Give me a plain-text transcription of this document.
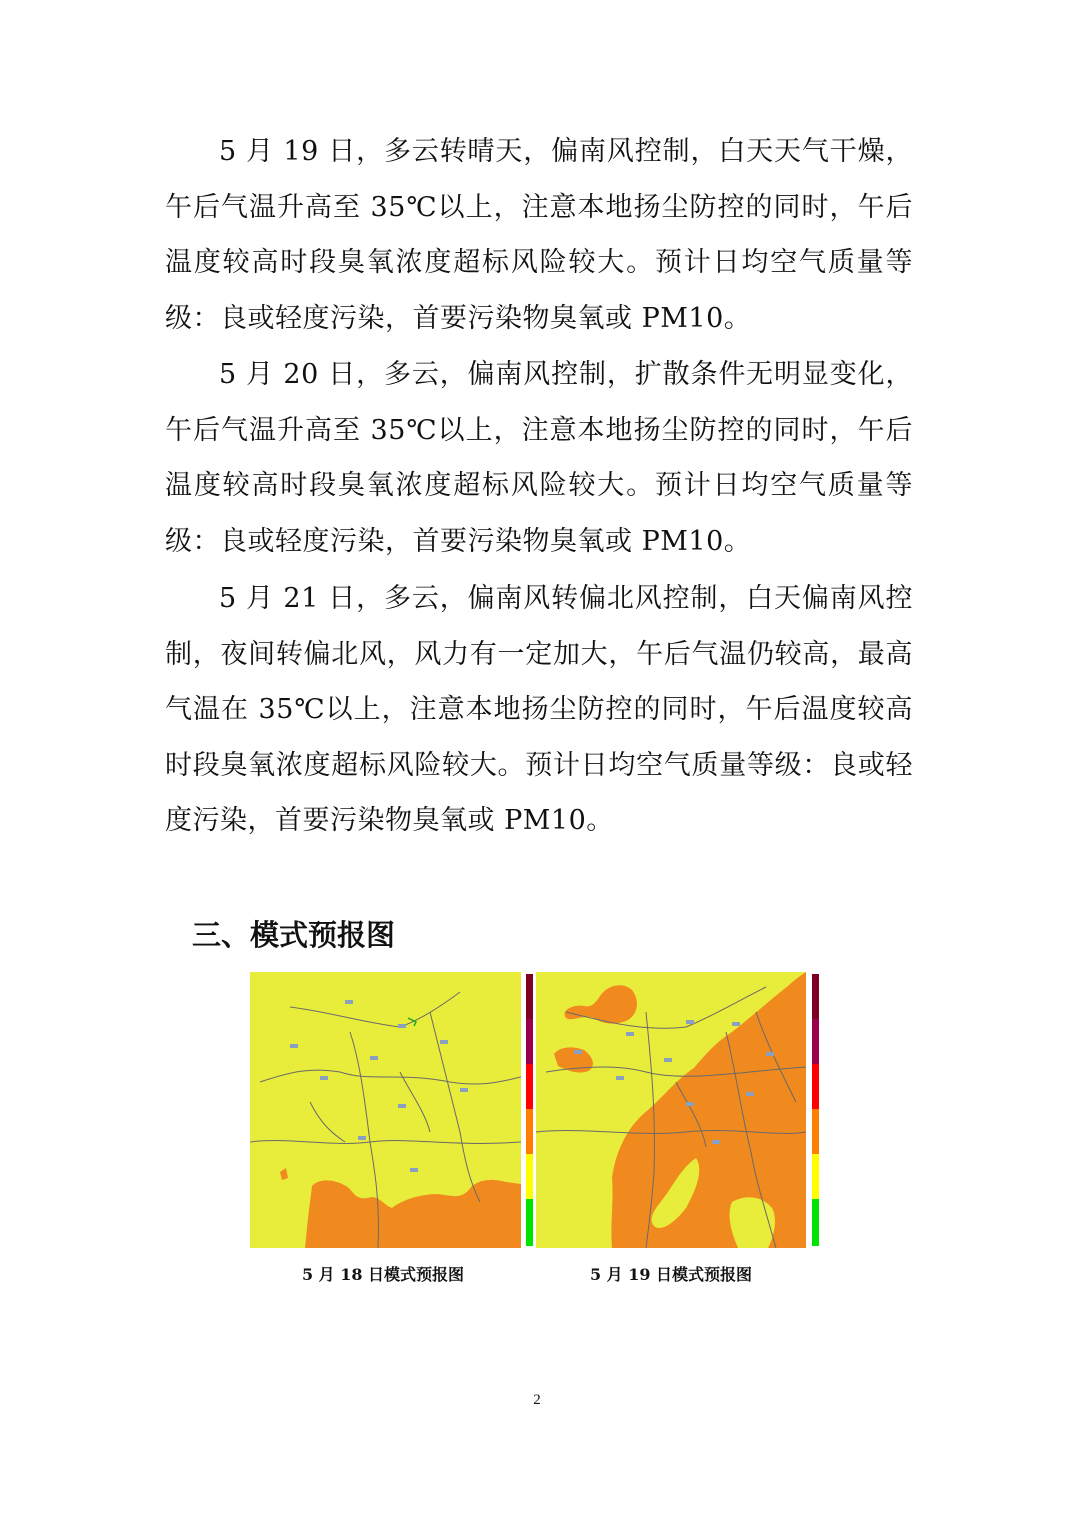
5 月 19 日，多云转晴天，偏南风控制，白天天气干燥，午后气温升高至 35℃以上，注意本地扬尘防控的同时，午后温度较高时段臭氧浓度超标风险较大。预计日均空气质量等级：良或轻度污染，首要污染物臭氧或 PM10。

5 月 20 日，多云，偏南风控制，扩散条件无明显变化，午后气温升高至 35℃以上，注意本地扬尘防控的同时，午后温度较高时段臭氧浓度超标风险较大。预计日均空气质量等级：良或轻度污染，首要污染物臭氧或 PM10。

5 月 21 日，多云，偏南风转偏北风控制，白天偏南风控制，夜间转偏北风，风力有一定加大，午后气温仍较高，最高气温在 35℃以上，注意本地扬尘防控的同时，午后温度较高时段臭氧浓度超标风险较大。预计日均空气质量等级：良或轻度污染，首要污染物臭氧或 PM10。

三、模式预报图
5 月 18 日模式预报图	5 月 19 日模式预报图
2
